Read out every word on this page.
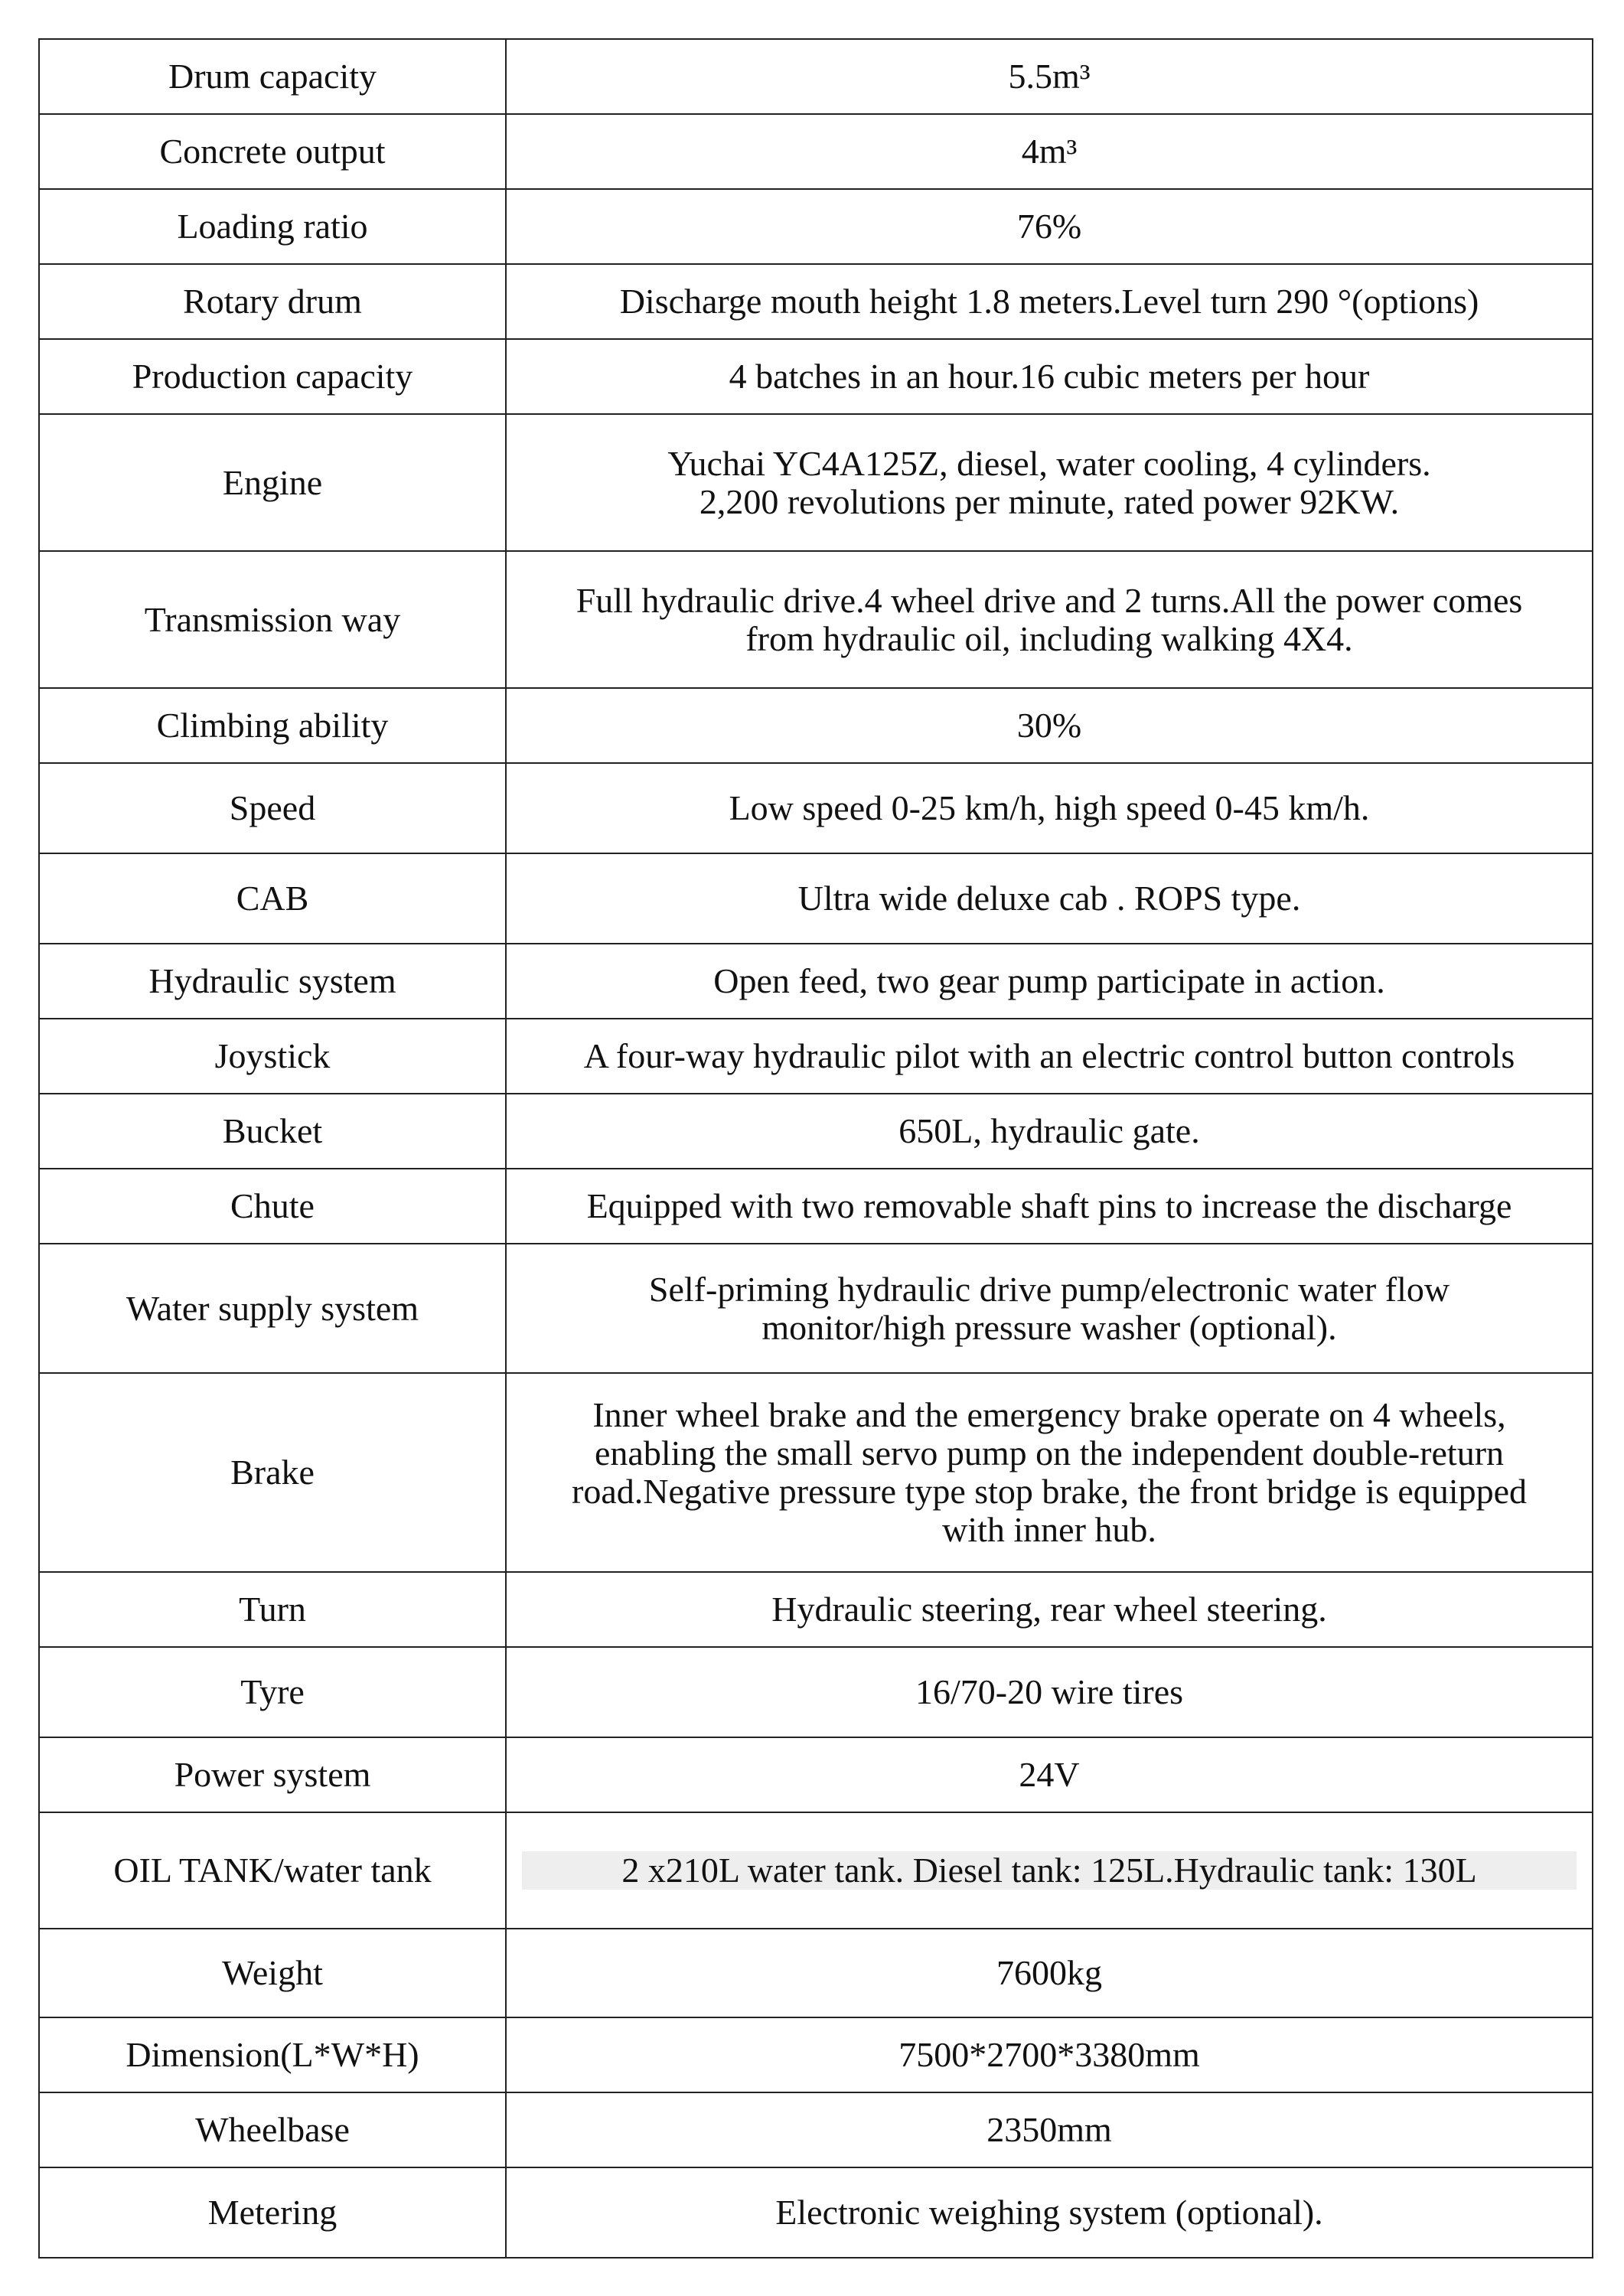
Drum capacity	5.5m³
Concrete output	4m³
Loading ratio	76%
Rotary drum	Discharge mouth height 1.8 meters.Level turn 290 °(options)
Production capacity	4 batches in an hour.16 cubic meters per hour
Engine	Yuchai YC4A125Z, diesel, water cooling, 4 cylinders.
2,200 revolutions per minute, rated power 92KW.
Transmission way	Full hydraulic drive.4 wheel drive and 2 turns.All the power comes
from hydraulic oil, including walking 4X4.
Climbing ability	30%
Speed	Low speed 0-25 km/h, high speed 0-45 km/h.
CAB	Ultra wide deluxe cab . ROPS type.
Hydraulic system	Open feed, two gear pump participate in action.
Joystick	A four-way hydraulic pilot with an electric control button controls
Bucket	650L, hydraulic gate.
Chute	Equipped with two removable shaft pins to increase the discharge
Water supply system	Self-priming hydraulic drive pump/electronic water flow
monitor/high pressure washer (optional).
Brake	Inner wheel brake and the emergency brake operate on 4 wheels,
enabling the small servo pump on the independent double-return
road.Negative pressure type stop brake, the front bridge is equipped
with inner hub.
Turn	Hydraulic steering, rear wheel steering.
Tyre	16/70-20 wire tires
Power system	24V
OIL TANK/water tank	2 x210L water tank. Diesel tank: 125L.Hydraulic tank: 130L

Weight	7600kg
Dimension(L*W*H)	7500*2700*3380mm
Wheelbase	2350mm
Metering	Electronic weighing system (optional).
